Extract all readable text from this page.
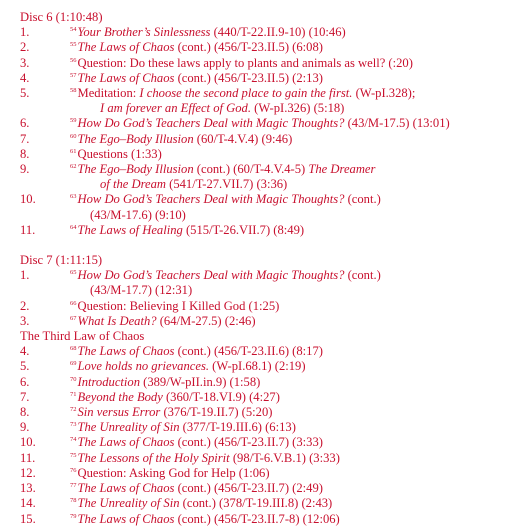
Disc 6 (1:10:48)
1.	$^{54}$Your Brother’s Sinlessness (440/T-22.II.9-10) (10:46)
2.	$^{55}$The Laws of Chaos (cont.) (456/T-23.II.5) (6:08)
3.	$^{56}$Question: Do these laws apply to plants and animals as well? (:20)
4.	$^{57}$The Laws of Chaos (cont.) (456/T-23.II.5) (2:13)
5.	$^{58}$Meditation: I choose the second place to gain the first. (W-pI.328);
I am forever an Effect of God. (W-pI.326) (5:18)
6.	$^{59}$How Do God’s Teachers Deal with Magic Thoughts? (43/M-17.5) (13:01)
7.	$^{60}$The Ego–Body Illusion (60/T-4.V.4) (9:46)
8.	$^{61}$Questions (1:33)
9.	$^{62}$The Ego–Body Illusion (cont.) (60/T-4.V.4-5) The Dreamer
of the Dream (541/T-27.VII.7) (3:36)
10.	$^{63}$How Do God’s Teachers Deal with Magic Thoughts? (cont.)
(43/M-17.6) (9:10)
11.	$^{64}$The Laws of Healing (515/T-26.VII.7) (8:49)
Disc 7 (1:11:15)
1.	$^{65}$How Do God’s Teachers Deal with Magic Thoughts? (cont.)
(43/M-17.7) (12:31)
2.	$^{66}$Question: Believing I Killed God (1:25)
3.	$^{67}$What Is Death? (64/M-27.5) (2:46)
The Third Law of Chaos
4.	$^{68}$The Laws of Chaos (cont.) (456/T-23.II.6) (8:17)
5.	$^{69}$Love holds no grievances. (W-pI.68.1) (2:19)
6.	$^{70}$Introduction (389/W-pII.in.9) (1:58)
7.	$^{71}$Beyond the Body (360/T-18.VI.9) (4:27)
8.	$^{72}$Sin versus Error (376/T-19.II.7) (5:20)
9.	$^{73}$The Unreality of Sin (377/T-19.III.6) (6:13)
10.	$^{74}$The Laws of Chaos (cont.) (456/T-23.II.7) (3:33)
11.	$^{75}$The Lessons of the Holy Spirit (98/T-6.V.B.1) (3:33)
12.	$^{76}$Question: Asking God for Help (1:06)
13.	$^{77}$The Laws of Chaos (cont.) (456/T-23.II.7) (2:49)
14.	$^{78}$The Unreality of Sin (cont.) (378/T-19.III.8) (2:43)
15.	$^{79}$The Laws of Chaos (cont.) (456/T-23.II.7-8) (12:06)
